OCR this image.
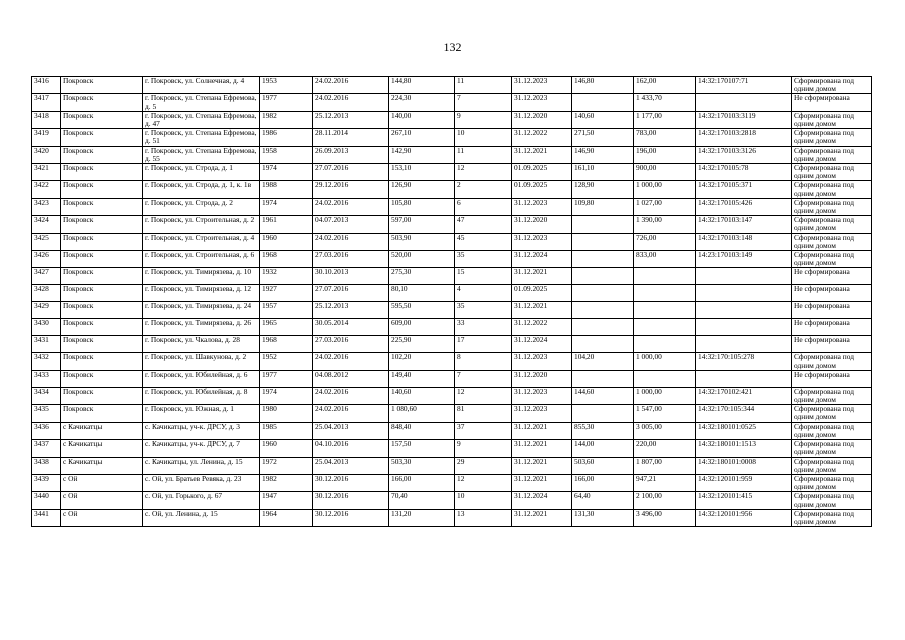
132
3416	Покровск	г. Покровск, ул. Солнечная, д. 4	1953	24.02.2016	144,80	11	31.12.2023	146,80	162,00	14:32:170107:71	Сформирована под одним домом
3417	Покровск	г. Покровск, ул. Степана Ефремова, д. 5	1977	24.02.2016	224,30	7	31.12.2023		1 433,70		Не сформирована
3418	Покровск	г. Покровск, ул. Степана Ефремова, д. 47	1982	25.12.2013	140,00	9	31.12.2020	140,60	1 177,00	14:32:170103:3119	Сформирована под одним домом
3419	Покровск	г. Покровск, ул. Степана Ефремова, д. 51	1986	28.11.2014	267,10	10	31.12.2022	271,50	783,00	14:32:170103:2818	Сформирована под одним домом
3420	Покровск	г. Покровск, ул. Степана Ефремова, д. 55	1958	26.09.2013	142,90	11	31.12.2021	146,90	196,00	14:32:170103:3126	Сформирована под одним домом
3421	Покровск	г. Покровск, ул. Строда, д. 1	1974	27.07.2016	153,10	12	01.09.2025	161,10	900,00	14:32:170105:78	Сформирована под одним домом
3422	Покровск	г. Покровск, ул. Строда, д. 1, к. 1в	1988	29.12.2016	126,90	2	01.09.2025	128,90	1 000,00	14:32:170105:371	Сформирована под одним домом
3423	Покровск	г. Покровск, ул. Строда, д. 2	1974	24.02.2016	105,80	6	31.12.2023	109,80	1 027,00	14:32:170105:426	Сформирована под одним домом
3424	Покровск	г. Покровск, ул. Строительная, д. 2	1961	04.07.2013	597,00	47	31.12.2020		1 390,00	14:32:170103:147	Сформирована под одним домом
3425	Покровск	г. Покровск, ул. Строительная, д. 4	1960	24.02.2016	503,90	45	31.12.2023		726,00	14:32:170103:148	Сформирована под одним домом
3426	Покровск	г. Покровск, ул. Строительная, д. 6	1968	27.03.2016	520,00	35	31.12.2024		833,00	14:23:170103:149	Сформирована под одним домом
3427	Покровск	г. Покровск, ул. Тимирязева, д. 10	1932	30.10.2013	275,30	15	31.12.2021				Не сформирована
3428	Покровск	г. Покровск, ул. Тимирязева, д. 12	1927	27.07.2016	80,10	4	01.09.2025				Не сформирована
3429	Покровск	г. Покровск, ул. Тимирязева, д. 24	1957	25.12.2013	595,50	35	31.12.2021				Не сформирована
3430	Покровск	г. Покровск, ул. Тимирязева, д. 26	1965	30.05.2014	609,00	33	31.12.2022				Не сформирована
3431	Покровск	г. Покровск, ул. Чкалова, д. 28	1968	27.03.2016	225,90	17	31.12.2024				Не сформирована
3432	Покровск	г. Покровск, ул. Шавкунова, д. 2	1952	24.02.2016	102,20	8	31.12.2023	104,20	1 000,00	14:32:170:105:278	Сформирована под одним домом
3433	Покровск	г. Покровск, ул. Юбилейная, д. 6	1977	04.08.2012	149,40	7	31.12.2020				Не сформирована
3434	Покровск	г. Покровск, ул. Юбилейная, д. 8	1974	24.02.2016	140,60	12	31.12.2023	144,60	1 000,00	14:32:170102:421	Сформирована под одним домом
3435	Покровск	г. Покровск, ул. Южная, д. 1	1980	24.02.2016	1 080,60	81	31.12.2023		1 547,00	14:32:170:105:344	Сформирована под одним домом
3436	с Качикатцы	с. Качикатцы, уч-к. ДРСУ, д. 3	1985	25.04.2013	848,40	37	31.12.2021	855,30	3 005,00	14:32:180101:0525	Сформирована под одним домом
3437	с Качикатцы	с. Качикатцы, уч-к. ДРСУ, д. 7	1960	04.10.2016	157,50	9	31.12.2021	144,00	220,00	14:32:180101:1513	Сформирована под одним домом
3438	с Качикатцы	с. Качикатцы, ул. Ленина, д. 15	1972	25.04.2013	503,30	29	31.12.2021	503,60	1 807,00	14:32:180101:0008	Сформирована под одним домом
3439	с Ой	с. Ой, ул. Братьев Ревяка, д. 23	1982	30.12.2016	166,00	12	31.12.2021	166,00	947,21	14:32:120101:959	Сформирована под одним домом
3440	с Ой	с. Ой, ул. Горького, д. 67	1947	30.12.2016	70,40	10	31.12.2024	64,40	2 100,00	14:32:120101:415	Сформирована под одним домом
3441	с Ой	с. Ой, ул. Ленина, д. 15	1964	30.12.2016	131,20	13	31.12.2021	131,30	3 496,00	14:32:120101:956	Сформирована под одним домом
